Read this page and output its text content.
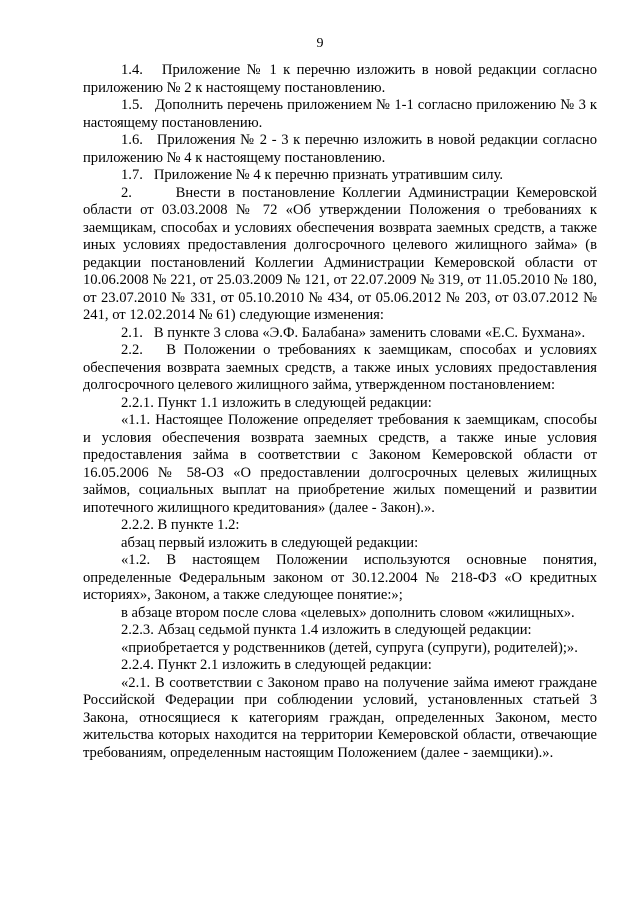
9

1.4.   Приложение № 1 к перечню изложить в новой редакции согласно приложению № 2 к настоящему постановлению.

1.5.   Дополнить перечень приложением № 1-1 согласно приложению № 3 к настоящему постановлению.

1.6.   Приложения № 2 - 3 к перечню изложить в новой редакции согласно приложению № 4 к настоящему постановлению.

1.7.   Приложение № 4 к перечню признать утратившим силу.

2.      Внести в постановление Коллегии Администрации Кемеровской области от 03.03.2008 № 72 «Об утверждении Положения о требованиях к заемщикам, способах и условиях обеспечения возврата заемных средств, а также иных условиях предоставления долгосрочного целевого жилищного займа» (в редакции постановлений Коллегии Администрации Кемеровской области от 10.06.2008 № 221, от 25.03.2009 № 121, от 22.07.2009 № 319, от 11.05.2010 № 180, от 23.07.2010 № 331, от 05.10.2010 № 434, от 05.06.2012 № 203, от 03.07.2012 № 241, от 12.02.2014 № 61) следующие изменения:

2.1.   В пункте 3 слова «Э.Ф. Балабана» заменить словами «Е.С. Бухмана».

2.2.   В Положении о требованиях к заемщикам, способах и условиях обеспечения возврата заемных средств, а также иных условиях предоставления долгосрочного целевого жилищного займа, утвержденном постановлением:

2.2.1. Пункт 1.1 изложить в следующей редакции:

«1.1. Настоящее Положение определяет требования к заемщикам, способы и условия обеспечения возврата заемных средств, а также иные условия предоставления займа в соответствии с Законом Кемеровской области от 16.05.2006 № 58-ОЗ «О предоставлении долгосрочных целевых жилищных займов, социальных выплат на приобретение жилых помещений и развитии ипотечного жилищного кредитования» (далее - Закон).».

2.2.2. В пункте 1.2:

абзац первый изложить в следующей редакции:

«1.2. В настоящем Положении используются основные понятия, определенные Федеральным законом от 30.12.2004 № 218-ФЗ «О кредитных историях», Законом, а также следующее понятие:»;

в абзаце втором после слова «целевых» дополнить словом «жилищных».

2.2.3. Абзац седьмой пункта 1.4 изложить в следующей редакции:

«приобретается у родственников (детей, супруга (супруги), родителей);».

2.2.4. Пункт 2.1 изложить в следующей редакции:

«2.1. В соответствии с Законом право на получение займа имеют граждане Российской Федерации при соблюдении условий, установленных статьей 3 Закона, относящиеся к категориям граждан, определенных Законом, место жительства которых находится на территории Кемеровской области, отвечающие требованиям, определенным настоящим Положением (далее - заемщики).».
